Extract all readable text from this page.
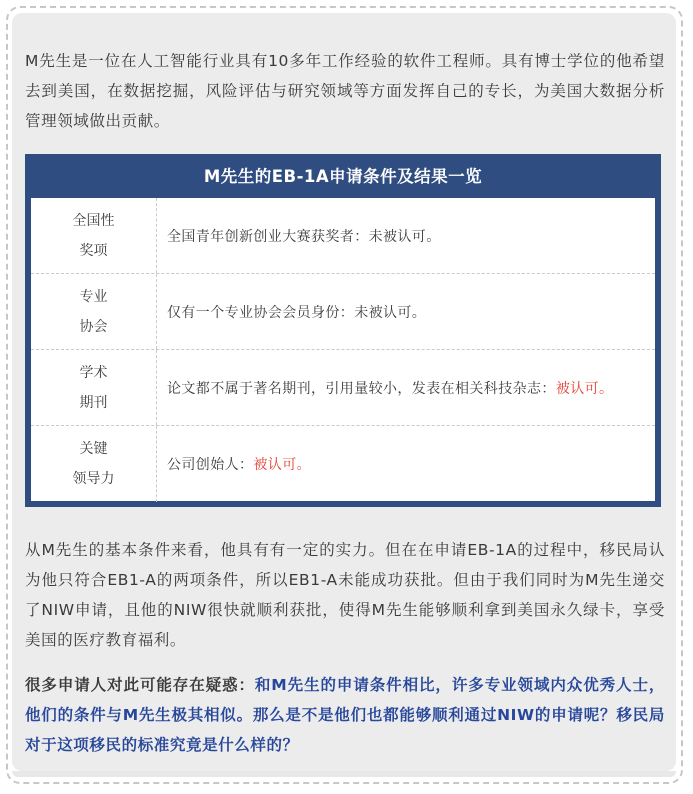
M先生是一位在人工智能行业具有10多年工作经验的软件工程师。具有博士学位的他希望去到美国，在数据挖掘，风险评估与研究领域等方面发挥自己的专长，为美国大数据分析管理领域做出贡献。

M先生的EB-1A申请条件及结果一览
全国性
奖项
全国青年创新创业大赛获奖者：未被认可。
专业
协会
仅有一个专业协会会员身份：未被认可。
学术
期刊
论文都不属于著名期刊，引用量较小，发表在相关科技杂志： 被认可。
关键
领导力
公司创始人： 被认可。

从M先生的基本条件来看，他具有有一定的实力。但在在申请EB-1A的过程中，移民局认为他只符合EB1-A的两项条件，所以EB1-A未能成功获批。但由于我们同时为M先生递交了NIW申请，且他的NIW很快就顺利获批，使得M先生能够顺利拿到美国永久绿卡，享受美国的医疗教育福利。

很多申请人对此可能存在疑惑：和M先生的申请条件相比，许多专业领域内众优秀人士，他们的条件与M先生极其相似。那么是不是他们也都能够顺利通过NIW的申请呢？移民局对于这项移民的标准究竟是什么样的？
